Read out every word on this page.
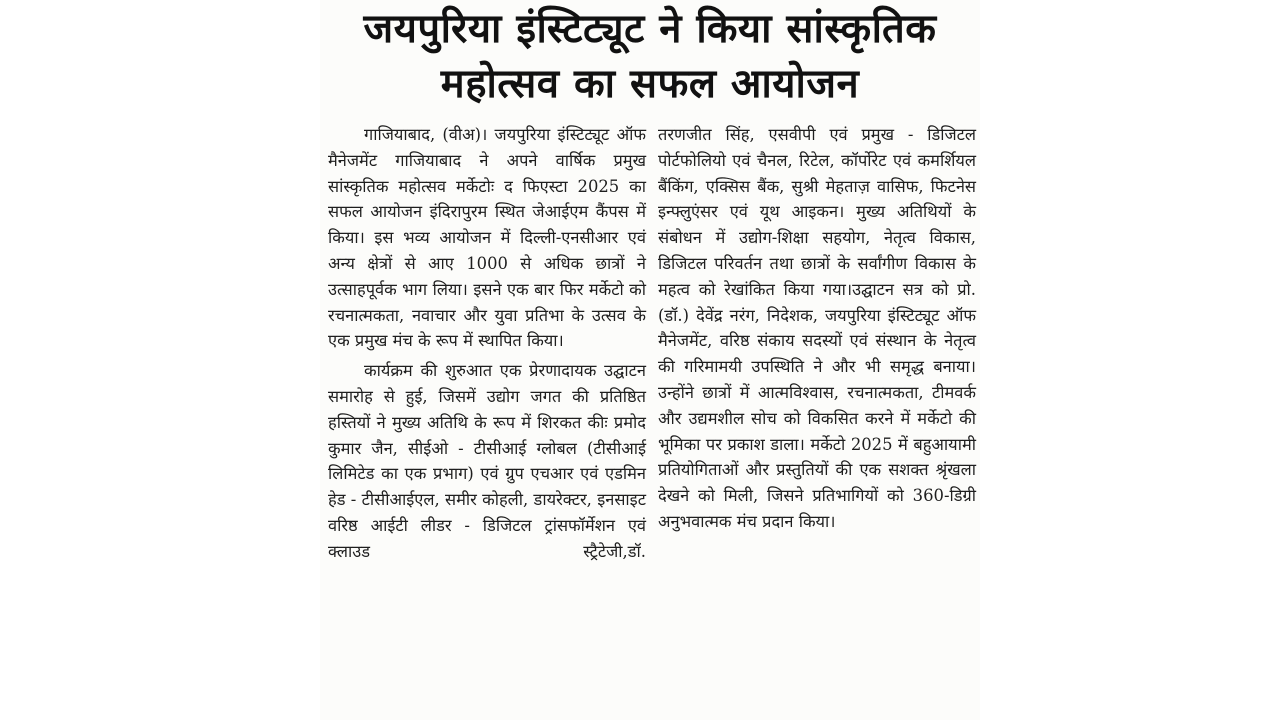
जयपुरिया इंस्टिट्यूट ने किया सांस्कृतिक
महोत्सव का सफल आयोजन

गाजियाबाद, (वीअ)। जयपुरिया इंस्टिट्यूट ऑफ मैनेजमेंट गाजियाबाद ने अपने वार्षिक प्रमुख सांस्कृतिक महोत्सव मर्केटोः द फिएस्टा 2025 का सफल आयोजन इंदिरापुरम स्थित जेआईएम कैंपस में किया। इस भव्य आयोजन में दिल्ली-एनसीआर एवं अन्य क्षेत्रों से आए 1000 से अधिक छात्रों ने उत्साहपूर्वक भाग लिया। इसने एक बार फिर मर्केटो को रचनात्मकता, नवाचार और युवा प्रतिभा के उत्सव के एक प्रमुख मंच के रूप में स्थापित किया।

कार्यक्रम की शुरुआत एक प्रेरणादायक उद्घाटन समारोह से हुई, जिसमें उद्योग जगत की प्रतिष्ठित हस्तियों ने मुख्य अतिथि के रूप में शिरकत कीः प्रमोद कुमार जैन, सीईओ - टीसीआई ग्लोबल (टीसीआई लिमिटेड का एक प्रभाग) एवं ग्रुप एचआर एवं एडमिन हेड - टीसीआईएल, समीर कोहली, डायरेक्टर, इनसाइट वरिष्ठ आईटी लीडर - डिजिटल ट्रांसफॉर्मेशन एवं क्लाउड स्ट्रैटेजी,डॉ.

तरणजीत सिंह, एसवीपी एवं प्रमुख - डिजिटल पोर्टफोलियो एवं चैनल, रिटेल, कॉर्पोरेट एवं कमर्शियल बैंकिंग, एक्सिस बैंक, सुश्री मेहताज़ वासिफ, फिटनेस इन्फ्लुएंसर एवं यूथ आइकन। मुख्य अतिथियों के संबोधन में उद्योग-शिक्षा सहयोग, नेतृत्व विकास, डिजिटल परिवर्तन तथा छात्रों के सर्वांगीण विकास के महत्व को रेखांकित किया गया।उद्घाटन सत्र को प्रो. (डॉ.) देवेंद्र नरंग, निदेशक, जयपुरिया इंस्टिट्यूट ऑफ मैनेजमेंट, वरिष्ठ संकाय सदस्यों एवं संस्थान के नेतृत्व की गरिमामयी उपस्थिति ने और भी समृद्ध बनाया। उन्होंने छात्रों में आत्मविश्वास, रचनात्मकता, टीमवर्क और उद्यमशील सोच को विकसित करने में मर्केटो की भूमिका पर प्रकाश डाला। मर्केटो 2025 में बहुआयामी प्रतियोगिताओं और प्रस्तुतियों की एक सशक्त श्रृंखला देखने को मिली, जिसने प्रतिभागियों को 360-डिग्री अनुभवात्मक मंच प्रदान किया।
